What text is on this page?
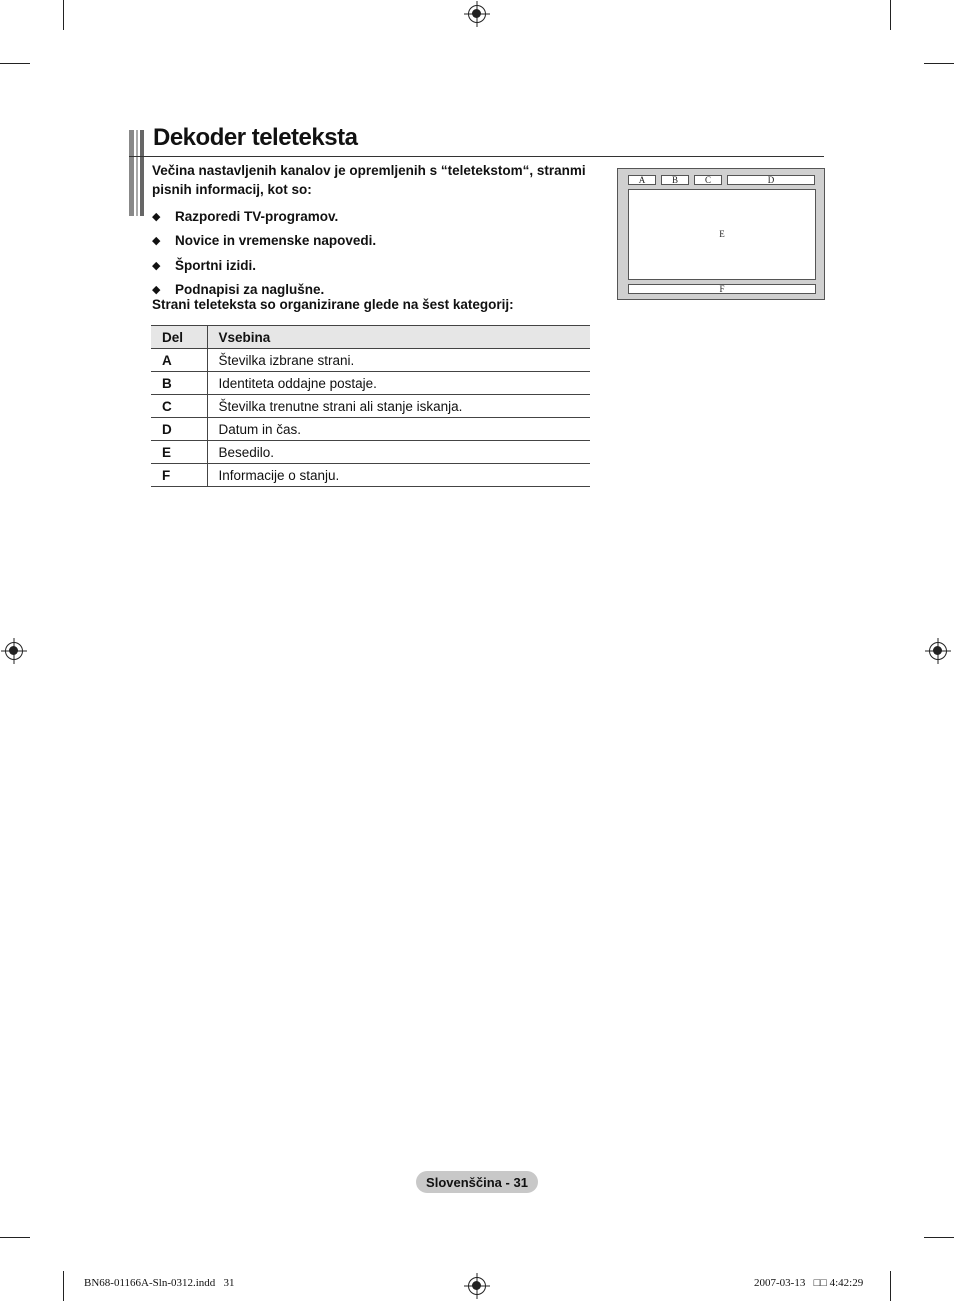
Dekoder teleteksta
Večina nastavljenih kanalov je opremljenih s “teletekstom“, stranmi pisnih informacij, kot so:
◆	Razporedi TV-programov.
◆	Novice in vremenske napovedi.
◆	Športni izidi.
◆	Podnapisi za naglušne.
Strani teleteksta so organizirane glede na šest kategorij:
Del	Vsebina
A	Številka izbrane strani.
B	Identiteta oddajne postaje.
C	Številka trenutne strani ali stanje iskanja.
D	Datum in čas.
E	Besedilo.
F	Informacije o stanju.
A	B	C	D
E
F
Slovenščina - 31
BN68-01166A-Sln-0312.indd   31	2007-03-13   □□ 4:42:29
